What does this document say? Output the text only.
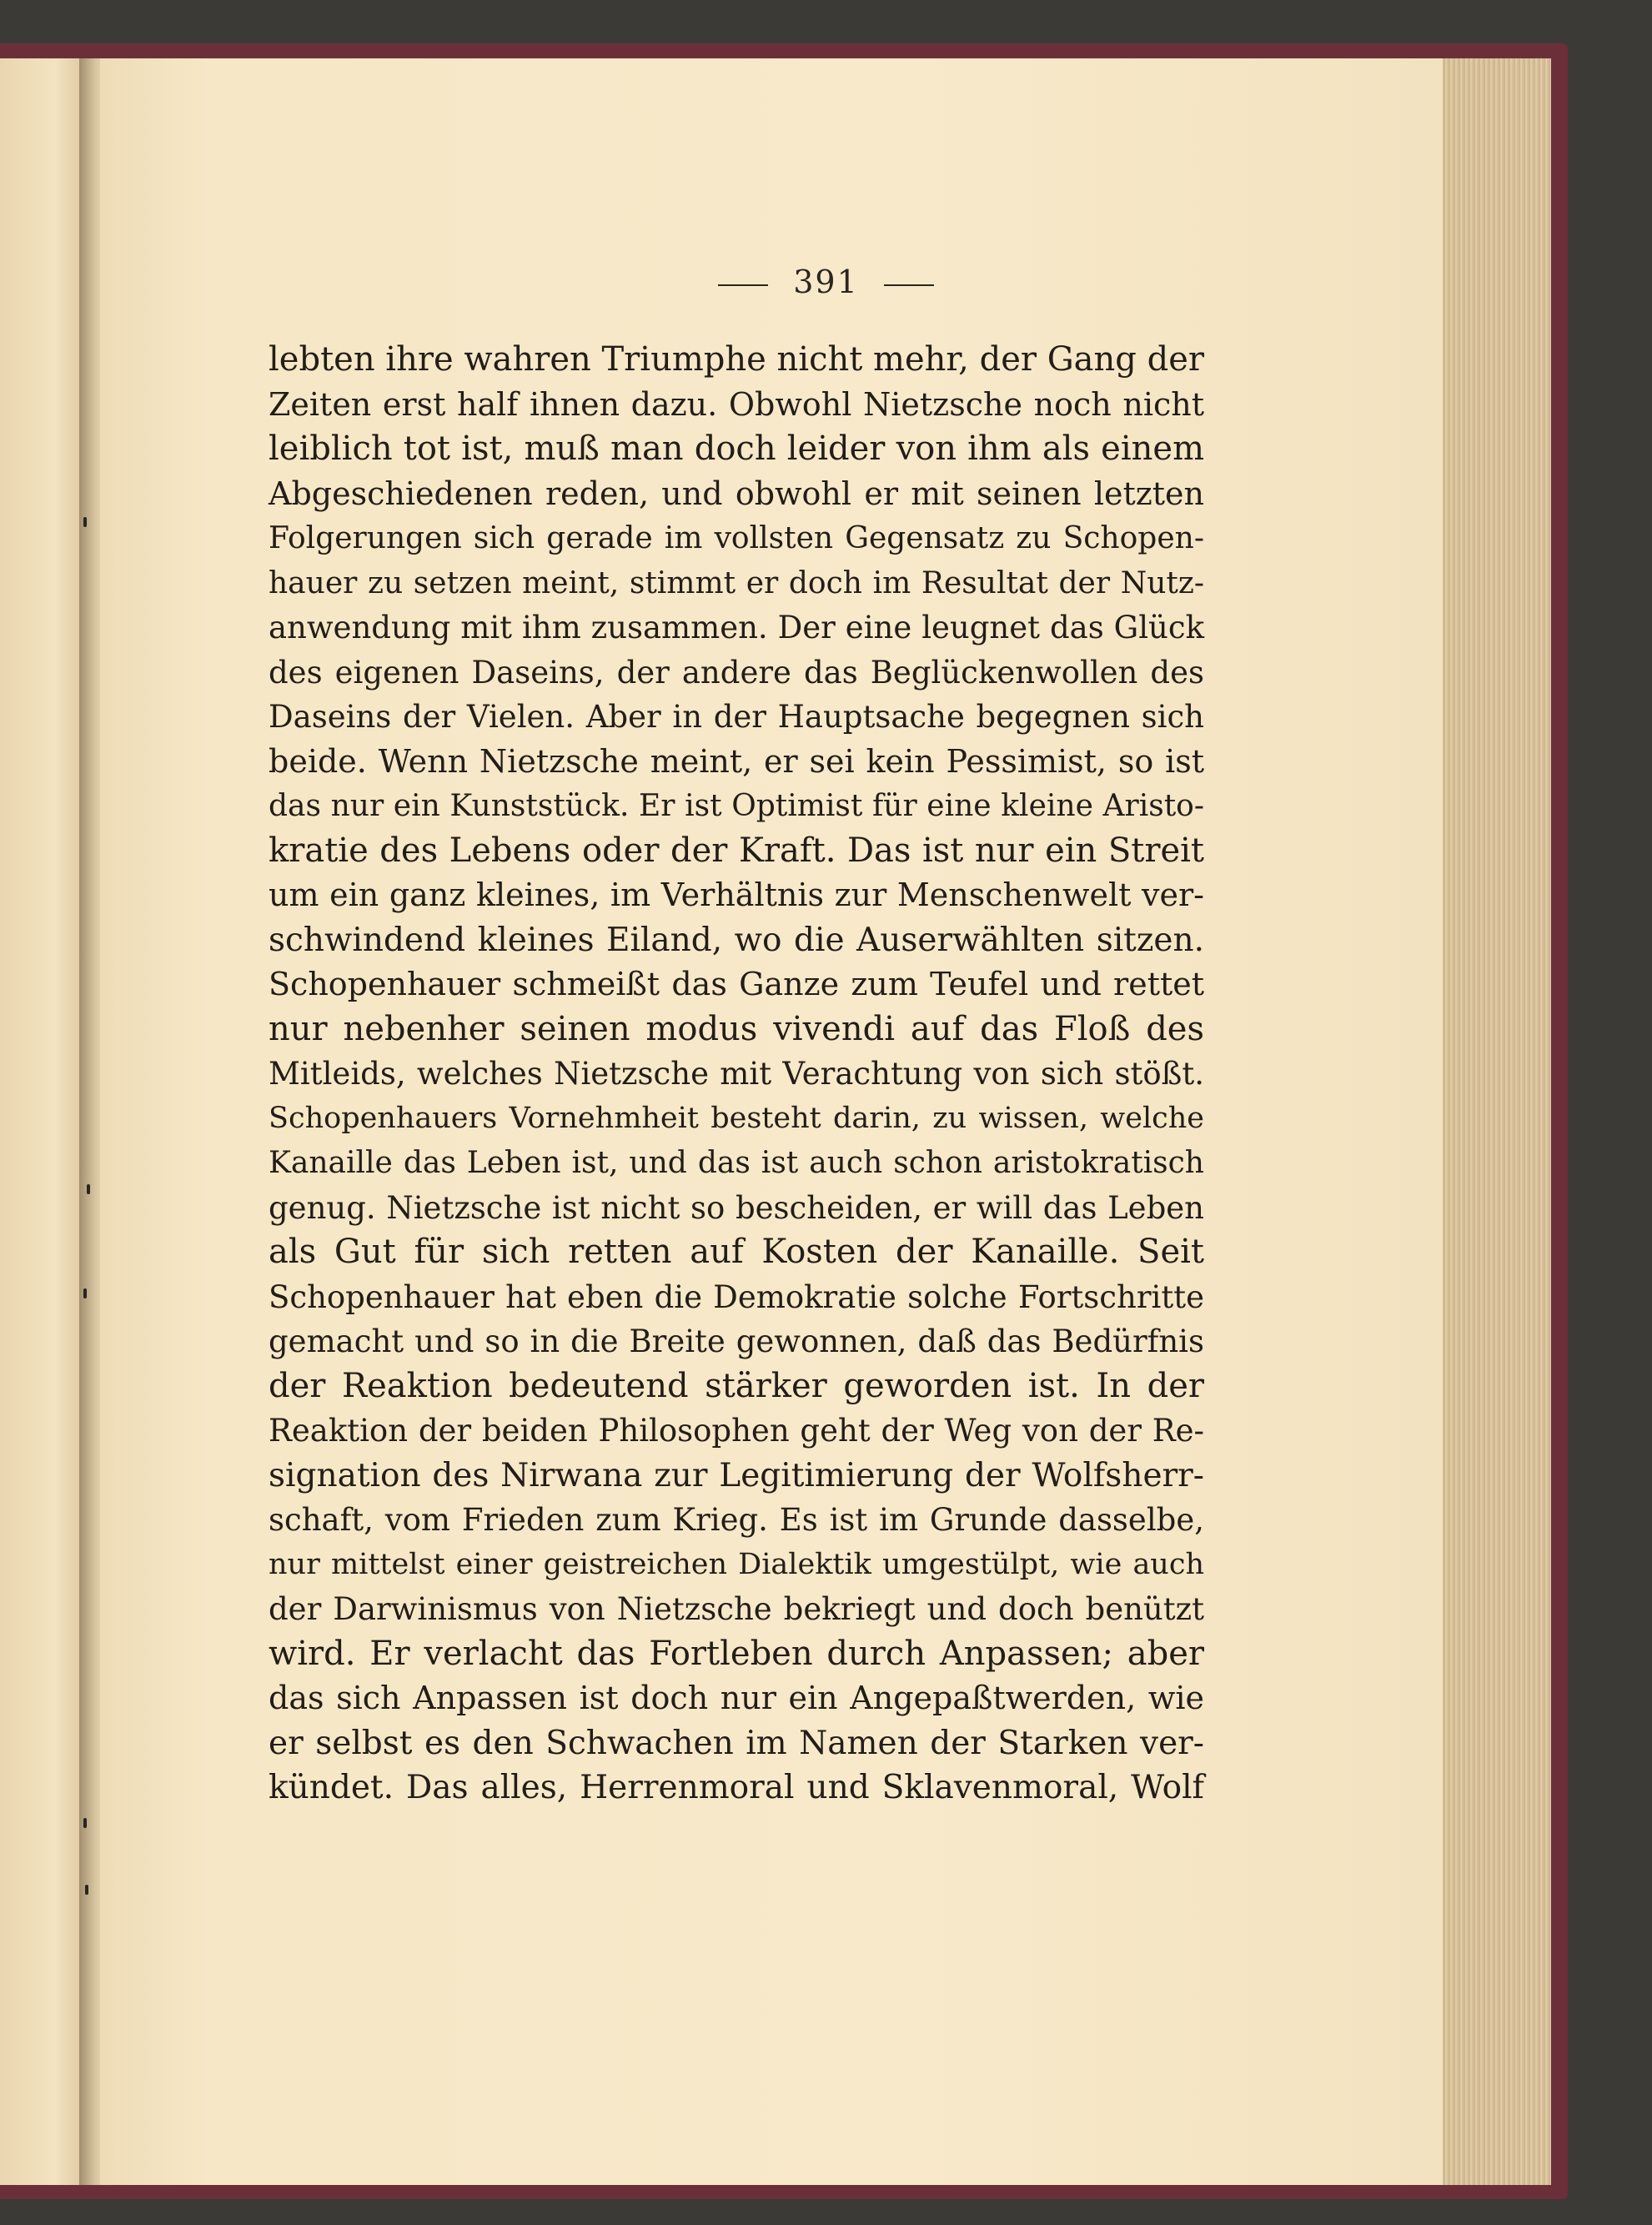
391
lebten ihre wahren Triumphe nicht mehr, der Gang der
Zeiten erst half ihnen dazu. Obwohl Nietzsche noch nicht
leiblich tot ist, muß man doch leider von ihm als einem
Abgeschiedenen reden, und obwohl er mit seinen letzten
Folgerungen sich gerade im vollsten Gegensatz zu Schopen-
hauer zu setzen meint, stimmt er doch im Resultat der Nutz-
anwendung mit ihm zusammen. Der eine leugnet das Glück
des eigenen Daseins, der andere das Beglückenwollen des
Daseins der Vielen. Aber in der Hauptsache begegnen sich
beide. Wenn Nietzsche meint, er sei kein Pessimist, so ist
das nur ein Kunststück. Er ist Optimist für eine kleine Aristo-
kratie des Lebens oder der Kraft. Das ist nur ein Streit
um ein ganz kleines, im Verhältnis zur Menschenwelt ver-
schwindend kleines Eiland, wo die Auserwählten sitzen.
Schopenhauer schmeißt das Ganze zum Teufel und rettet
nur nebenher seinen modus vivendi auf das Floß des
Mitleids, welches Nietzsche mit Verachtung von sich stößt.
Schopenhauers Vornehmheit besteht darin, zu wissen, welche
Kanaille das Leben ist, und das ist auch schon aristokratisch
genug. Nietzsche ist nicht so bescheiden, er will das Leben
als Gut für sich retten auf Kosten der Kanaille. Seit
Schopenhauer hat eben die Demokratie solche Fortschritte
gemacht und so in die Breite gewonnen, daß das Bedürfnis
der Reaktion bedeutend stärker geworden ist. In der
Reaktion der beiden Philosophen geht der Weg von der Re-
signation des Nirwana zur Legitimierung der Wolfsherr-
schaft, vom Frieden zum Krieg. Es ist im Grunde dasselbe,
nur mittelst einer geistreichen Dialektik umgestülpt, wie auch
der Darwinismus von Nietzsche bekriegt und doch benützt
wird. Er verlacht das Fortleben durch Anpassen; aber
das sich Anpassen ist doch nur ein Angepaßtwerden, wie
er selbst es den Schwachen im Namen der Starken ver-
kündet. Das alles, Herrenmoral und Sklavenmoral, Wolf
